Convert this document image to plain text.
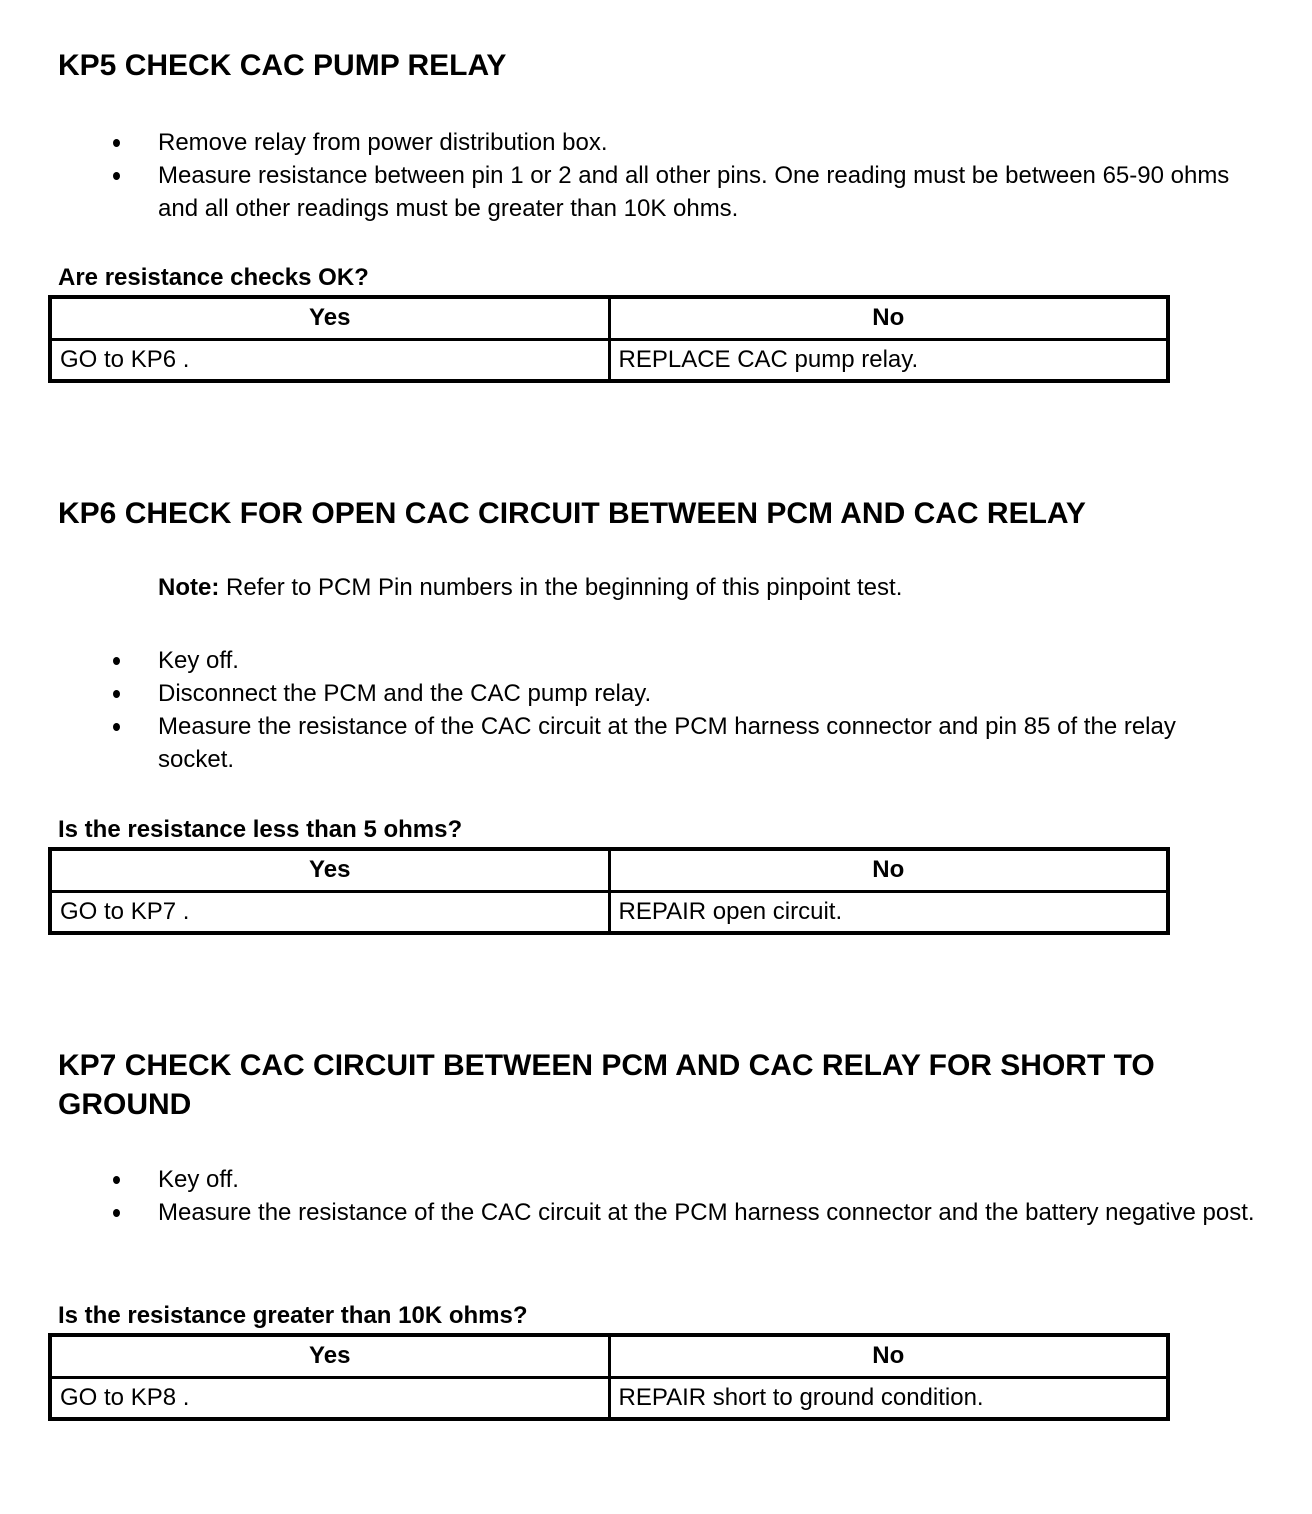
KP5 CHECK CAC PUMP RELAY
Remove relay from power distribution box.
Measure resistance between pin 1 or 2 and all other pins. One reading must be between 65-90 ohms and all other readings must be greater than 10K ohms.
Are resistance checks OK?
Yes	No
GO to KP6 .	REPLACE CAC pump relay.
KP6 CHECK FOR OPEN CAC CIRCUIT BETWEEN PCM AND CAC RELAY
Note: Refer to PCM Pin numbers in the beginning of this pinpoint test.
Key off.
Disconnect the PCM and the CAC pump relay.
Measure the resistance of the CAC circuit at the PCM harness connector and pin 85 of the relay socket.
Is the resistance less than 5 ohms?
Yes	No
GO to KP7 .	REPAIR open circuit.
KP7 CHECK CAC CIRCUIT BETWEEN PCM AND CAC RELAY FOR SHORT TO GROUND
Key off.
Measure the resistance of the CAC circuit at the PCM harness connector and the battery negative post.
Is the resistance greater than 10K ohms?
Yes	No
GO to KP8 .	REPAIR short to ground condition.
